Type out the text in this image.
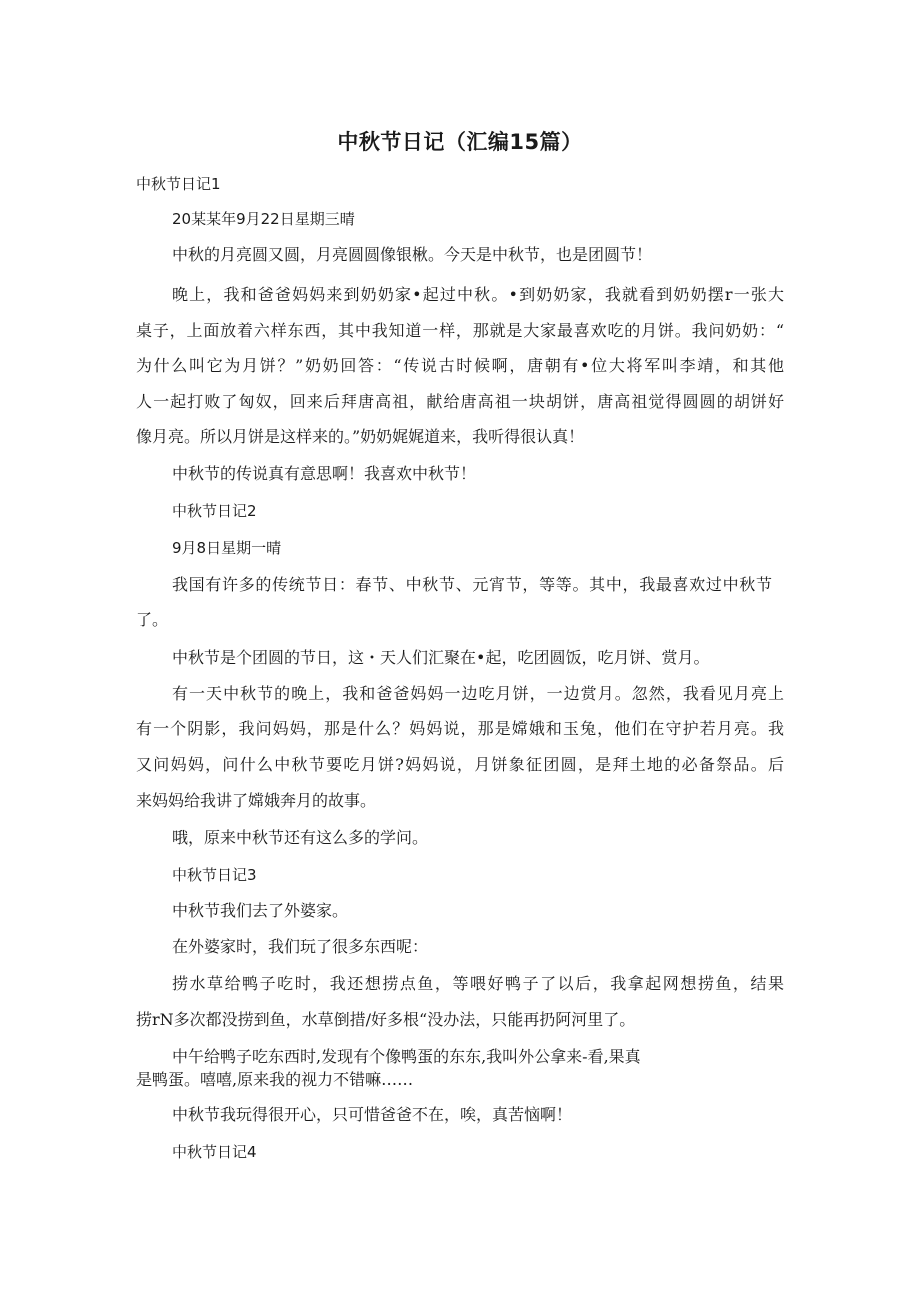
中秋节日记（汇编15篇）
中秋节日记1
20某某年9月22日星期三晴
中秋的月亮圆又圆，月亮圆圆像银楸。今天是中秋节，也是团圆节！
晚上，我和爸爸妈妈来到奶奶家•起过中秋。•到奶奶家，我就看到奶奶摆r一张大
桌子，上面放着六样东西，其中我知道一样，那就是大家最喜欢吃的月饼。我问奶奶：“
为什么叫它为月饼？”奶奶回答：“传说古时候啊，唐朝有•位大将军叫李靖，和其他
人一起打败了匈奴，回来后拜唐高祖，献给唐高祖一块胡饼，唐高祖觉得圆圆的胡饼好
像月亮。所以月饼是这样来的。”奶奶娓娓道来，我听得很认真！
中秋节的传说真有意思啊！我喜欢中秋节！
中秋节日记2
9月8日星期一晴
我国有许多的传统节日：春节、中秋节、元宵节，等等。其中，我最喜欢过中秋节
了。
中秋节是个团圆的节日，这・天人们汇聚在•起，吃团圆饭，吃月饼、赏月。
有一天中秋节的晚上，我和爸爸妈妈一边吃月饼，一边赏月。忽然，我看见月亮上
有一个阴影，我问妈妈，那是什么？妈妈说，那是嫦娥和玉兔，他们在守护若月亮。我
又问妈妈，问什么中秋节要吃月饼?妈妈说，月饼象征团圆，是拜土地的必备祭品。后
来妈妈给我讲了嫦娥奔月的故事。
哦，原来中秋节还有这么多的学问。
中秋节日记3
中秋节我们去了外婆家。
在外婆家时，我们玩了很多东西呢：
捞水草给鸭子吃时，我还想捞点鱼，等喂好鸭子了以后，我拿起网想捞鱼，结果
捞rN多次都没捞到鱼，水草倒措/好多根“没办法，只能再扔阿河里了。
中午给鸭子吃东西时,发现有个像鸭蛋的东东,我叫外公拿来-看,果真
是鸭蛋。嘻嘻,原来我的视力不错嘛……
中秋节我玩得很开心，只可惜爸爸不在，唉，真苦恼啊！
中秋节日记4
